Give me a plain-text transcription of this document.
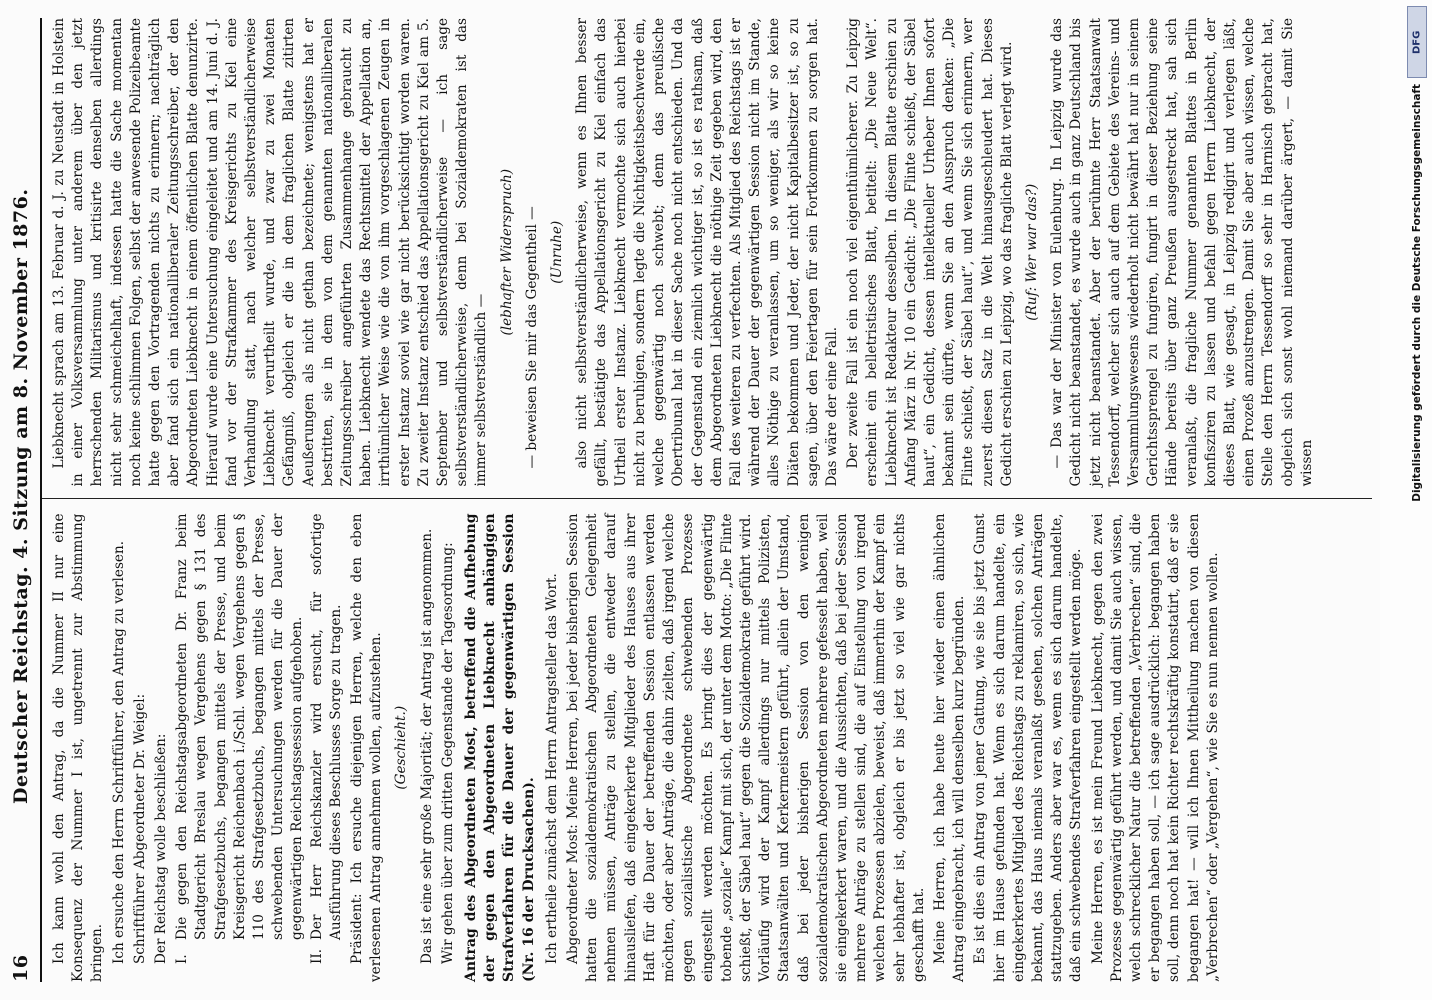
16
Deutscher Reichstag. 4. Sitzung am 8. November 1876. Ich kann wohl den Antrag, da die Nummer II nur eine Konsequenz der Nummer I ist, ungetrennt zur Abstimmung bringen. Ich ersuche den Herrn Schriftführer, den Antrag zu verlesen. Schriftführer Abgeordneter Dr. Weigel: Der Reichstag wolle beschließen: I.
Die gegen den Reichstagsabgeordneten Dr. Franz beim Stadtgericht Breslau wegen Vergehens gegen § 131 des Strafgesetzbuchs, begangen mittels der Presse, und beim Kreisgericht Reichenbach i./Schl. wegen Vergehens gegen § 110 des Strafgesetzbuchs, begangen mittels der Presse, schwebenden Untersuchungen werden für die Dauer der gegenwärtigen Reichstagssession aufgehoben.
II.
Der Herr Reichskanzler wird ersucht, für sofortige Ausführung dieses Beschlusses Sorge zu tragen. Präsident: Ich ersuche diejenigen Herren, welche den eben verlesenen Antrag annehmen wollen, aufzustehen. (Geschieht.) Das ist eine sehr große Majorität; der Antrag ist angenommen. Wir gehen über zum dritten Gegenstande der Tagesordnung: Antrag des Abgeordneten Most, betreffend die Aufhebung der gegen den Abgeordneten Liebknecht anhängigen Strafverfahren für die Dauer der gegenwärtigen Session (Nr. 16 der Drucksachen). Ich ertheile zunächst dem Herrn Antragsteller das Wort. Abgeordneter Most: Meine Herren, bei jeder bisherigen Session hatten die sozialdemokratischen Abgeordneten Gelegenheit nehmen müssen, Anträge zu stellen, die entweder darauf hinausliefen, daß eingekerkerte Mitglieder des Hauses aus ihrer Haft für die Dauer der betreffenden Session entlassen werden möchten, oder aber Anträge, die dahin zielten, daß irgend welche gegen sozialistische Abgeordnete schwebenden Prozesse eingestellt werden möchten. Es bringt dies der gegenwärtig tobende „soziale“ Kampf mit sich, der unter dem Motto: „Die Flinte schießt, der Säbel haut“ gegen die Sozialdemokratie geführt wird. Vorläufig wird der Kampf allerdings nur mittels Polizisten, Staatsanwälten und Kerkermeistern geführt, allein der Umstand, daß bei jeder bisherigen Session von den wenigen sozialdemokratischen Abgeordneten mehrere gefesselt haben, weil sie eingekerkert waren, und die Aussichten, daß bei jeder Session mehrere Anträge zu stellen sind, die auf Einstellung von irgend welchen Prozessen abzielen, beweist, daß immerhin der Kampf ein sehr lebhafter ist, obgleich er bis jetzt so viel wie gar nichts geschafft hat. Meine Herren, ich habe heute hier wieder einen ähnlichen Antrag eingebracht, ich will denselben kurz begründen. Es ist dies ein Antrag von jener Gattung, wie sie bis jetzt Gunst hier im Hause gefunden hat. Wenn es sich darum handelte, ein eingekerkertes Mitglied des Reichstags zu reklamiren, so sich, wie bekannt, das Haus niemals veranlaßt gesehen, solchen Anträgen stattzugeben. Anders aber war es, wenn es sich darum handelte, daß ein schwebendes Strafverfahren eingestellt werden möge. Meine Herren, es ist mein Freund Liebknecht, gegen den zwei Prozesse gegenwärtig geführt werden, und damit Sie auch wissen, welch schrecklicher Natur die betreffenden „Verbrechen“ sind, die er begangen haben soll, — ich sage ausdrücklich: begangen haben soll, denn noch hat kein Richter rechtskräftig konstatirt, daß er sie begangen hat! — will ich Ihnen Mittheilung machen von diesen „Verbrechen“ oder „Vergehen“, wie Sie es nun nennen wollen.

Liebknecht sprach am 13. Februar d. J. zu Neustadt in Holstein in einer Volksversammlung unter anderem über den jetzt herrschenden Militarismus und kritisirte denselben allerdings nicht sehr schmeichelhaft, indessen hatte die Sache momentan noch keine schlimmen Folgen, selbst der anwesende Polizeibeamte hatte gegen den Vortragenden nichts zu erinnern; nachträglich aber fand sich ein nationalliberaler Zeitungsschreiber, der den Abgeordneten Liebknecht in einem öffentlichen Blatte denunzirte. Hierauf wurde eine Untersuchung eingeleitet und am 14. Juni d. J. fand vor der Strafkammer des Kreisgerichts zu Kiel eine Verhandlung statt, nach welcher selbstverständlicherweise Liebknecht verurtheilt wurde, und zwar zu zwei Monaten Gefängniß, obgleich er die in dem fraglichen Blatte zitirten Aeußerungen als nicht gethan bezeichnete; wenigstens hat er bestritten, sie in dem von dem genannten nationalliberalen Zeitungsschreiber angeführten Zusammenhange gebraucht zu haben. Liebknecht wendete das Rechtsmittel der Appellation an, irrthümlicher Weise wie die von ihm vorgeschlagenen Zeugen in erster Instanz soviel wie gar nicht berücksichtigt worden waren. Zu zweiter Instanz entschied das Appellationsgericht zu Kiel am 5. September und selbstverständlicherweise — ich sage selbstverständlicherweise, denn bei Sozialdemokraten ist das immer selbstverständlich —

(lebhafter Widerspruch) — beweisen Sie mir das Gegentheil — (Unruhe) also nicht selbstverständlicherweise, wenn es Ihnen besser gefällt, bestätigte das Appellationsgericht zu Kiel einfach das Urtheil erster Instanz. Liebknecht vermochte sich auch hierbei nicht zu beruhigen, sondern legte die Nichtigkeitsbeschwerde ein, welche gegenwärtig noch schwebt; denn das preußische Obertribunal hat in dieser Sache noch nicht entschieden. Und da der Gegenstand ein ziemlich wichtiger ist, so ist es rathsam, daß dem Abgeordneten Liebknecht die nöthige Zeit gegeben wird, den Fall des weiteren zu verfechten. Als Mitglied des Reichstags ist er während der Dauer der gegenwärtigen Session nicht im Stande, alles Nöthige zu veranlassen, um so weniger, als wir so keine Diäten bekommen und Jeder, der nicht Kapitalbesitzer ist, so zu sagen, über den Feiertagen für sein Fortkommen zu sorgen hat. Das wäre der eine Fall. Der zweite Fall ist ein noch viel eigenthümlicherer. Zu Leipzig erscheint ein belletristisches Blatt, betitelt: „Die Neue Welt“. Liebknecht ist Redakteur desselben. In diesem Blatte erschien zu Anfang März in Nr. 10 ein Gedicht: „Die Flinte schießt, der Säbel haut“, ein Gedicht, dessen intellektueller Urheber Ihnen sofort bekannt sein dürfte, wenn Sie an den Ausspruch denken: „Die Flinte schießt, der Säbel haut“, und wenn Sie sich erinnern, wer zuerst diesen Satz in die Welt hinausgeschleudert hat. Dieses Gedicht erschien zu Leipzig, wo das fragliche Blatt verlegt wird. (Ruf: Wer war das?) — Das war der Minister von Eulenburg. In Leipzig wurde das Gedicht nicht beanstandet, es wurde auch in ganz Deutschland bis jetzt nicht beanstandet. Aber der berühmte Herr Staatsanwalt Tessendorff, welcher sich auch auf dem Gebiete des Vereins- und Versammlungswesens wiederholt nicht bewährt hat nur in seinem Gerichtssprengel zu fungiren, fungirt in dieser Beziehung seine Hände bereits über ganz Preußen ausgestreckt hat, sah sich veranlaßt, die fragliche Nummer genannten Blattes in Berlin konfisziren zu lassen und befahl gegen Herrn Liebknecht, der dieses Blatt, wie gesagt, in Leipzig redigirt und verlegen läßt, einen Prozeß anzustrengen. Damit Sie aber auch wissen, welche Stelle den Herrn Tessendorff so sehr in Harnisch gebracht hat, obgleich sich sonst wohl niemand darüber ärgert, — damit Sie wissen

DFG
Digitalisierung gefördert durch die Deutsche Forschungsgemeinschaft
